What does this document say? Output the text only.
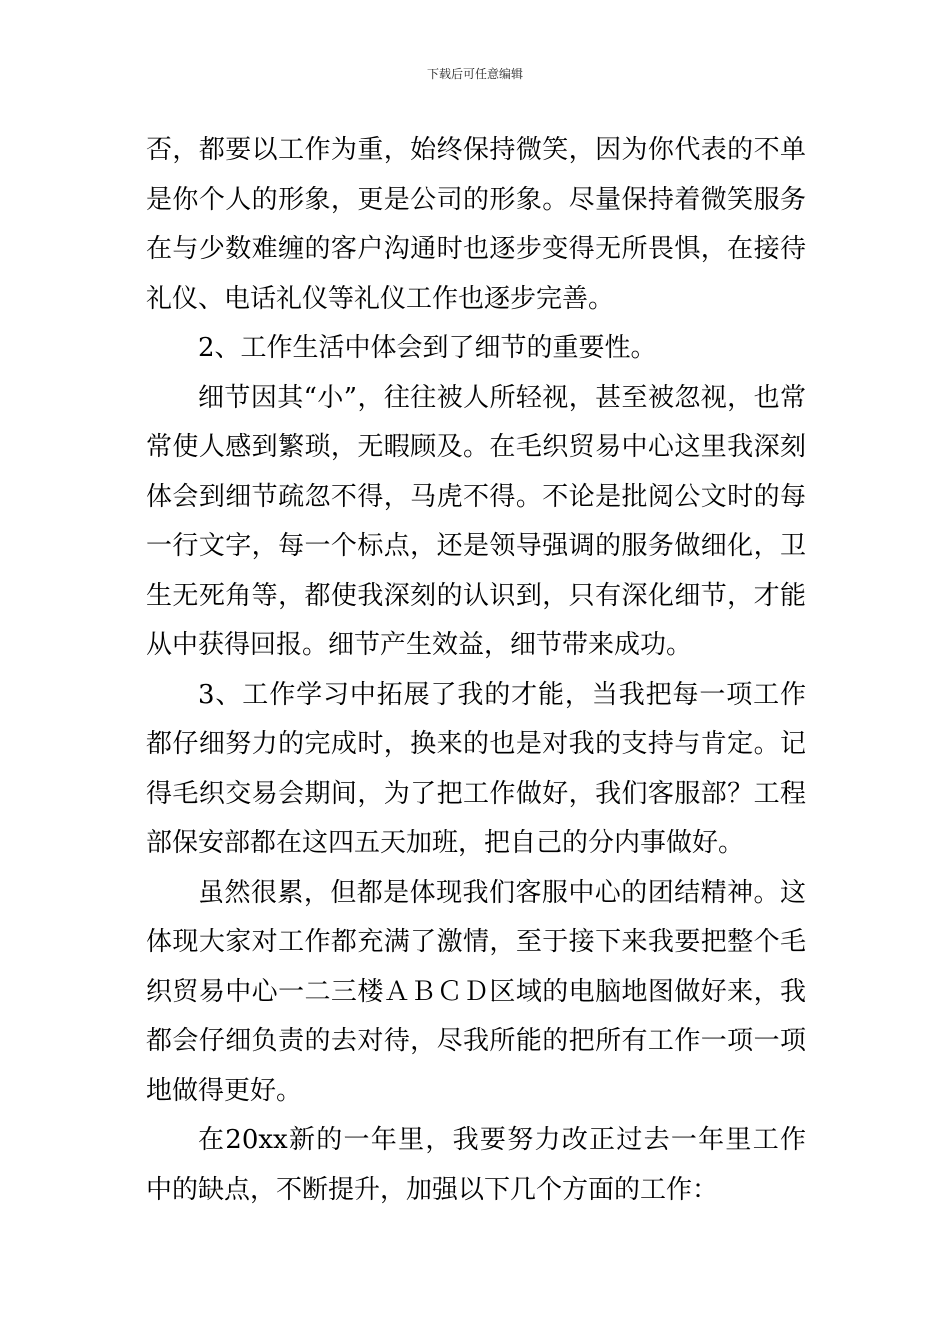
下载后可任意编辑

否，都要以工作为重，始终保持微笑，因为你代表的不单是你个人的形象，更是公司的形象。尽量保持着微笑服务在与少数难缠的客户沟通时也逐步变得无所畏惧，在接待礼仪、电话礼仪等礼仪工作也逐步完善。

2、工作生活中体会到了细节的重要性。

细节因其“小”，往往被人所轻视，甚至被忽视，也常常使人感到繁琐，无暇顾及。在毛织贸易中心这里我深刻体会到细节疏忽不得，马虎不得。不论是批阅公文时的每一行文字，每一个标点，还是领导强调的服务做细化，卫生无死角等，都使我深刻的认识到，只有深化细节，才能从中获得回报。细节产生效益，细节带来成功。

3、工作学习中拓展了我的才能，当我把每一项工作都仔细努力的完成时，换来的也是对我的支持与肯定。记得毛织交易会期间，为了把工作做好，我们客服部？工程部保安部都在这四五天加班，把自己的分内事做好。

虽然很累，但都是体现我们客服中心的团结精神。这体现大家对工作都充满了激情，至于接下来我要把整个毛织贸易中心一二三楼ＡＢＣＤ区域的电脑地图做好来，我都会仔细负责的去对待，尽我所能的把所有工作一项一项地做得更好。

在20xx新的一年里，我要努力改正过去一年里工作中的缺点，不断提升，加强以下几个方面的工作：
